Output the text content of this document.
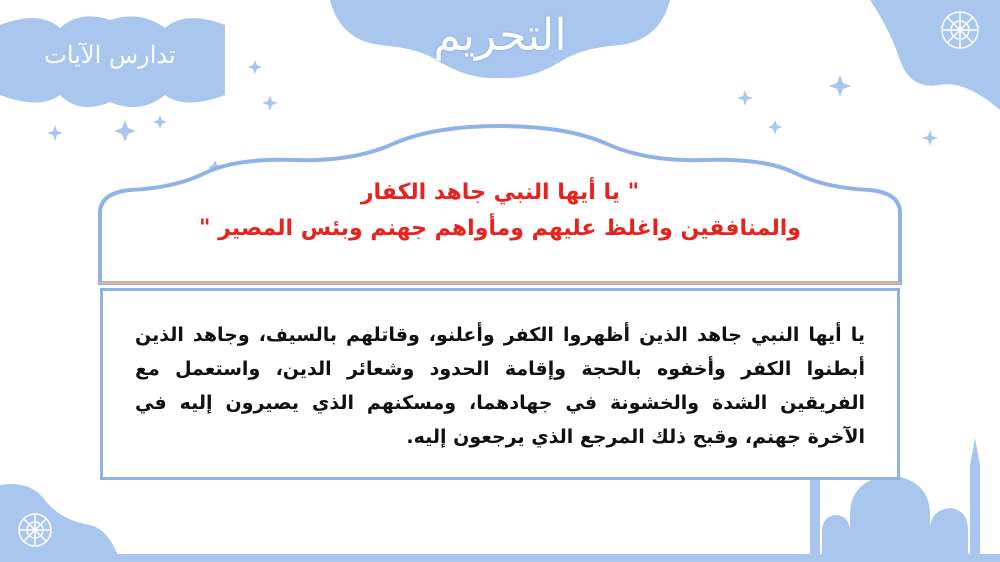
التحريم
تدارس الآيات
" يا أيها النبي جاهد الكفار
والمنافقين واغلظ عليهم ومأواهم جهنم وبئس المصير "
يا أيها النبي جاهد الذين أظهروا الكفر وأعلنو، وقاتلهم بالسيف، وجاهد الذين أبطنوا الكفر وأخفوه بالحجة وإقامة الحدود وشعائر الدين، واستعمل مع الفريقين الشدة والخشونة في جهادهما، ومسكنهم الذي يصيرون إليه في الآخرة جهنم، وقبح ذلك المرجع الذي يرجعون إليه.
